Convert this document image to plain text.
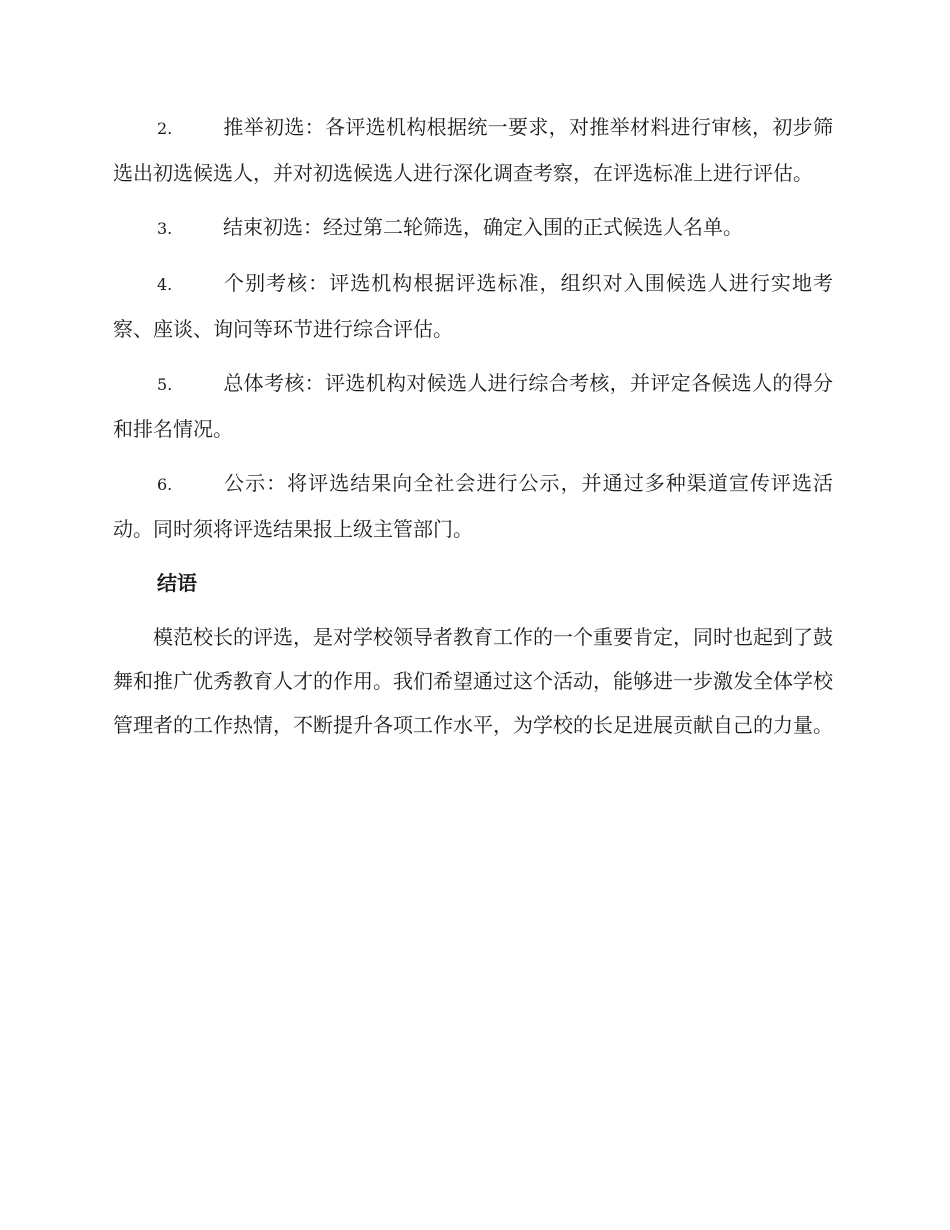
2.	推举初选：各评选机构根据统一要求，对推举材料进行审核，初步筛选出初选候选人，并对初选候选人进行深化调查考察，在评选标准上进行评估。

3.	结束初选：经过第二轮筛选，确定入围的正式候选人名单。

4.	个别考核：评选机构根据评选标准，组织对入围候选人进行实地考察、座谈、询问等环节进行综合评估。

5.	总体考核：评选机构对候选人进行综合考核，并评定各候选人的得分和排名情况。

6.	公示：将评选结果向全社会进行公示，并通过多种渠道宣传评选活动。同时须将评选结果报上级主管部门。

结语

模范校长的评选，是对学校领导者教育工作的一个重要肯定，同时也起到了鼓舞和推广优秀教育人才的作用。我们希望通过这个活动，能够进一步激发全体学校管理者的工作热情，不断提升各项工作水平，为学校的长足进展贡献自己的力量。
